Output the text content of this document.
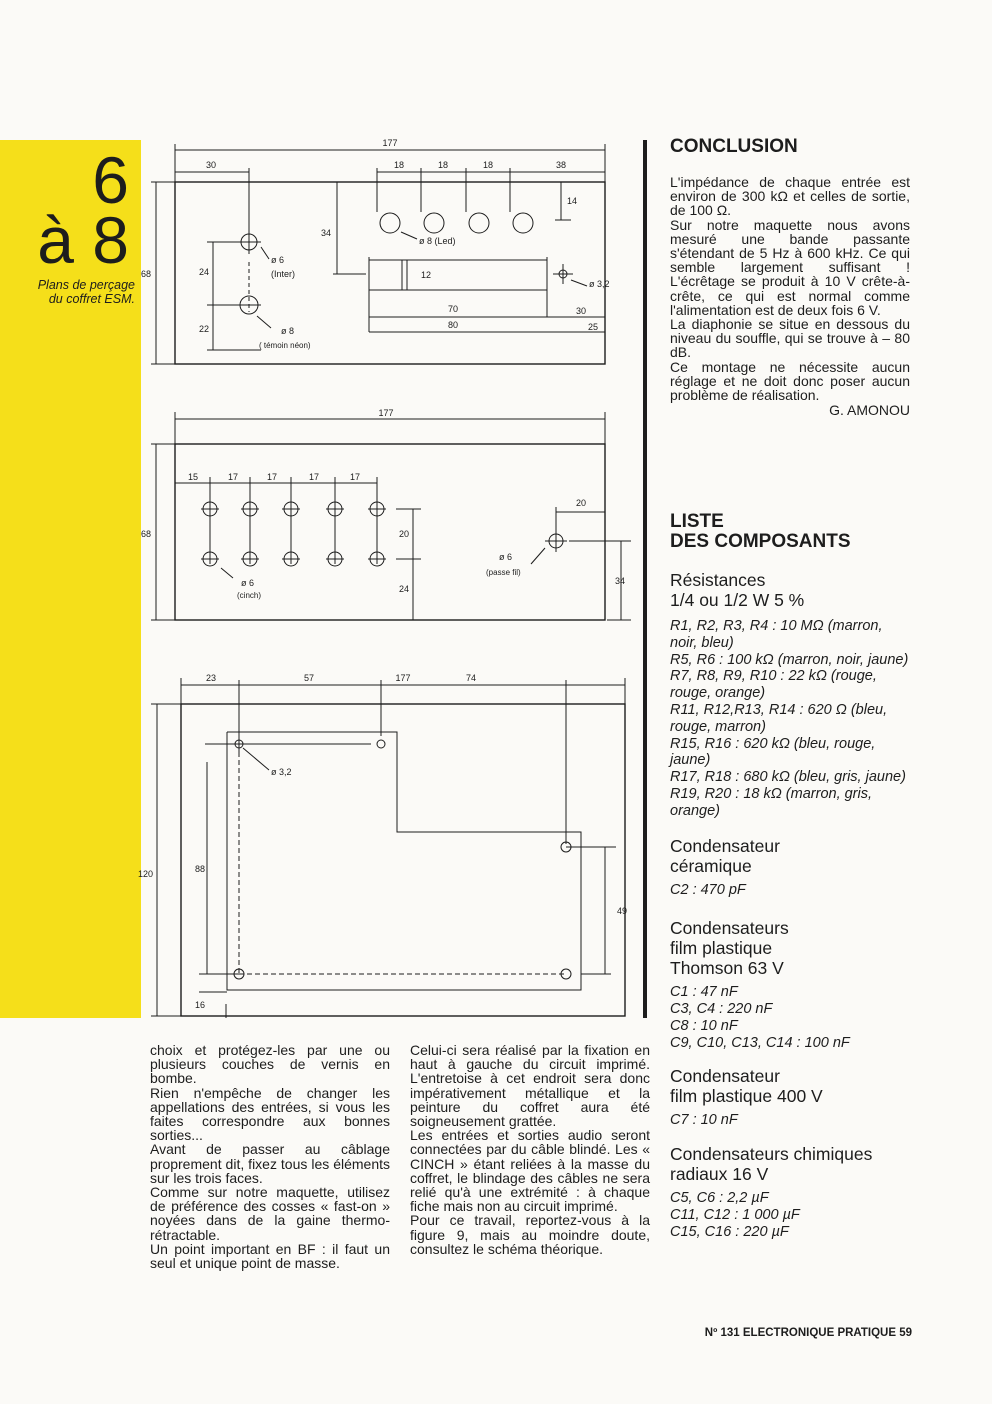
6
à 8
Plans de perçage
du coffret ESM.
177
30	18	18	18	38
14
34
68	24
22
12
70
80
30
25
ø 8 (Led)
ø 6
(Inter)
ø 8
( témoin néon)
ø 3,2
177
68
15	17	17	17	17
20
24
20
34
ø 6
(cinch)
ø 6
(passe fil)
177
23	57	74
120	88
49
16
ø 3,2
CONCLUSION

L'impédance de chaque entrée est environ de 300 kΩ et celles de sortie, de 100 Ω.

Sur notre maquette nous avons mesuré une bande passante s'étendant de 5 Hz à 600 kHz. Ce qui semble largement suffisant ! L'écrêtage se produit à 10 V crête-à-crête, ce qui est normal comme l'alimentation est de deux fois 6 V.

La diaphonie se situe en dessous du niveau du souffle, qui se trouve à – 80 dB.

Ce montage ne nécessite aucun réglage et ne doit donc poser aucun problème de réalisation.

G. AMONOU

LISTE
DES COMPOSANTS
Résistances
1/4 ou 1/2 W 5 %

R1, R2, R3, R4 : 10 MΩ (marron, noir, bleu)

R5, R6 : 100 kΩ (marron, noir, jaune)

R7, R8, R9, R10 : 22 kΩ (rouge, rouge, orange)

R11, R12,R13, R14 : 620 Ω (bleu, rouge, marron)

R15, R16 : 620 kΩ (bleu, rouge, jaune)

R17, R18 : 680 kΩ (bleu, gris, jaune)

R19, R20 : 18 kΩ (marron, gris, orange)

Condensateur
céramique

C2 : 470 pF

Condensateurs
film plastique
Thomson 63 V

C1 : 47 nF

C3, C4 : 220 nF

C8 : 10 nF

C9, C10, C13, C14 : 100 nF

Condensateur
film plastique 400 V

C7 : 10 nF

Condensateurs chimiques
radiaux 16 V

C5, C6 : 2,2 µF

C11, C12 : 1 000 µF

C15, C16 : 220 µF

choix et protégez-les par une ou plusieurs couches de vernis en bombe.

Rien n'empêche de changer les appellations des entrées, si vous les faites correspondre aux bonnes sorties...

Avant de passer au câblage proprement dit, fixez tous les éléments sur les trois faces.

Comme sur notre maquette, utilisez de préférence des cosses « fast-on » noyées dans de la gaine thermo-rétractable.

Un point important en BF : il faut un seul et unique point de masse.

Celui-ci sera réalisé par la fixation en haut à gauche du circuit imprimé. L'entretoise à cet endroit sera donc impérativement métallique et la peinture du coffret aura été soigneusement grattée.

Les entrées et sorties audio seront connectées par du câble blindé. Les « CINCH » étant reliées à la masse du coffret, le blindage des câbles ne sera relié qu'à une extrémité : à chaque fiche mais non au circuit imprimé.

Pour ce travail, reportez-vous à la figure 9, mais au moindre doute, consultez le schéma théorique.

Nº 131 ELECTRONIQUE PRATIQUE 59
